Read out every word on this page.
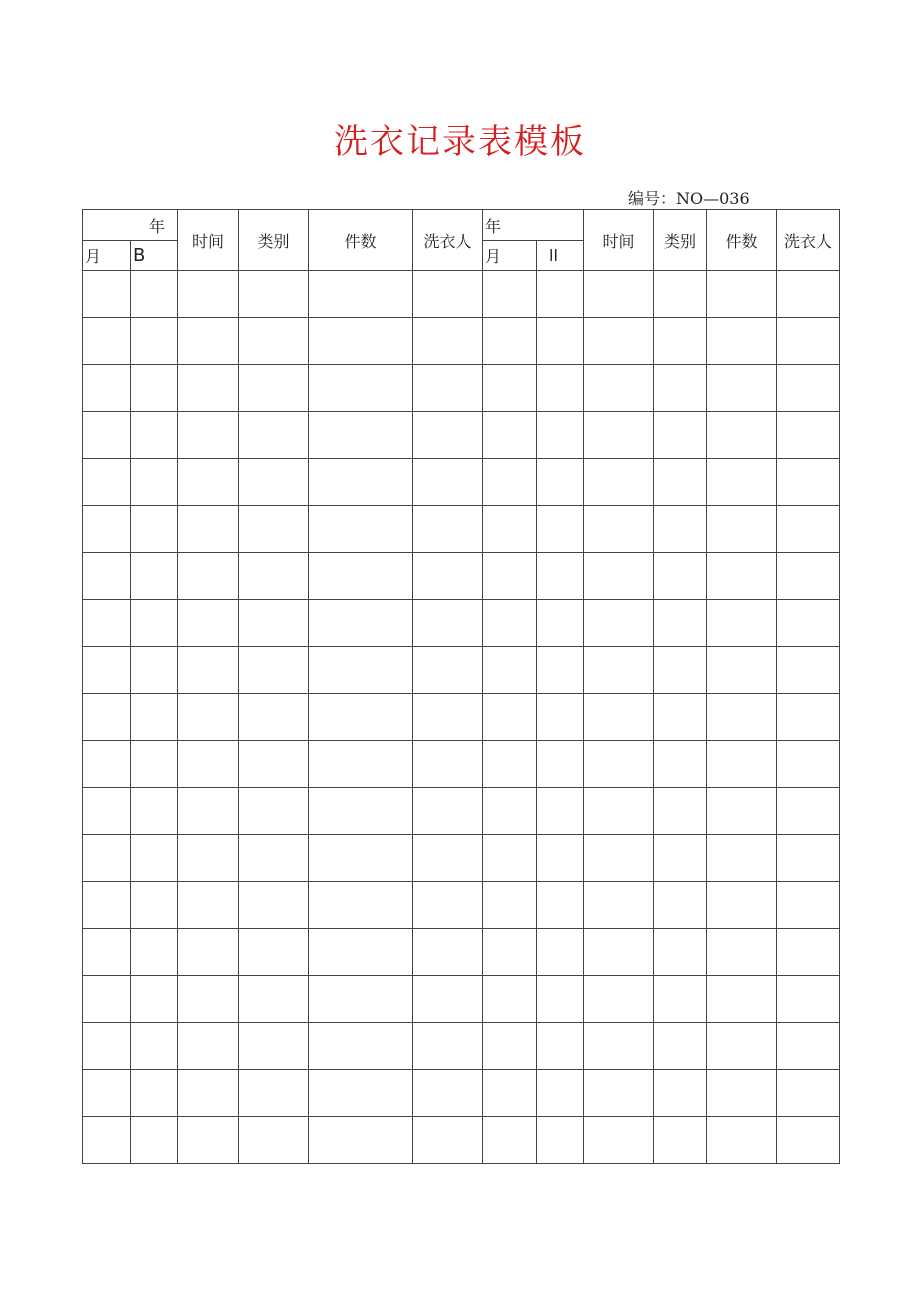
洗衣记录表模板
编号：NO—036
年		时间	类别	件数	洗衣人	年		时间	类别	件数	洗衣人
月	B					月	ll				
